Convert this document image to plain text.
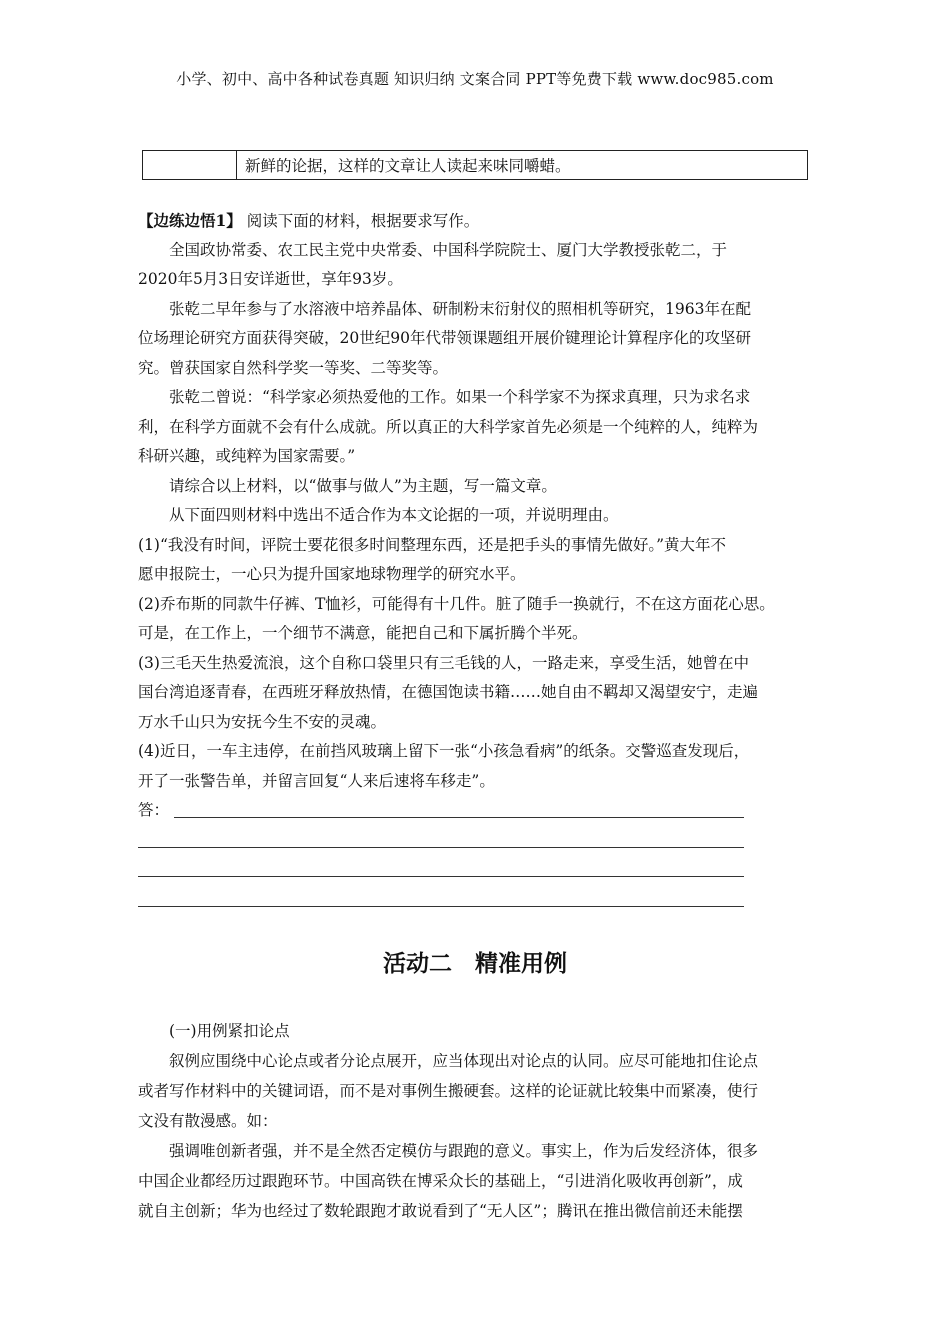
小学、初中、高中各种试卷真题 知识归纳 文案合同 PPT等免费下载 www.doc985.com
新鲜的论据，这样的文章让人读起来味同嚼蜡。
【边练边悟1】 阅读下面的材料，根据要求写作。
全国政协常委、农工民主党中央常委、中国科学院院士、厦门大学教授张乾二，于
2020年5月3日安详逝世，享年93岁。
张乾二早年参与了水溶液中培养晶体、研制粉末衍射仪的照相机等研究，1963年在配
位场理论研究方面获得突破，20世纪90年代带领课题组开展价键理论计算程序化的攻坚研
究。曾获国家自然科学奖一等奖、二等奖等。
张乾二曾说：“科学家必须热爱他的工作。如果一个科学家不为探求真理，只为求名求
利，在科学方面就不会有什么成就。所以真正的大科学家首先必须是一个纯粹的人，纯粹为
科研兴趣，或纯粹为国家需要。”
请综合以上材料，以“做事与做人”为主题，写一篇文章。
从下面四则材料中选出不适合作为本文论据的一项，并说明理由。
(1)“我没有时间，评院士要花很多时间整理东西，还是把手头的事情先做好。”黄大年不
愿申报院士，一心只为提升国家地球物理学的研究水平。
(2)乔布斯的同款牛仔裤、T恤衫，可能得有十几件。脏了随手一换就行，不在这方面花心思。
可是，在工作上，一个细节不满意，能把自己和下属折腾个半死。
(3)三毛天生热爱流浪，这个自称口袋里只有三毛钱的人，一路走来，享受生活，她曾在中
国台湾追逐青春，在西班牙释放热情，在德国饱读书籍……她自由不羁却又渴望安宁，走遍
万水千山只为安抚今生不安的灵魂。
(4)近日，一车主违停，在前挡风玻璃上留下一张“小孩急看病”的纸条。交警巡查发现后，
开了一张警告单，并留言回复“人来后速将车移走”。
答：
活动二　精准用例
(一)用例紧扣论点
叙例应围绕中心论点或者分论点展开，应当体现出对论点的认同。应尽可能地扣住论点
或者写作材料中的关键词语，而不是对事例生搬硬套。这样的论证就比较集中而紧凑，使行
文没有散漫感。如：
强调唯创新者强，并不是全然否定模仿与跟跑的意义。事实上，作为后发经济体，很多
中国企业都经历过跟跑环节。中国高铁在博采众长的基础上，“引进消化吸收再创新”，成
就自主创新；华为也经过了数轮跟跑才敢说看到了“无人区”；腾讯在推出微信前还未能摆
